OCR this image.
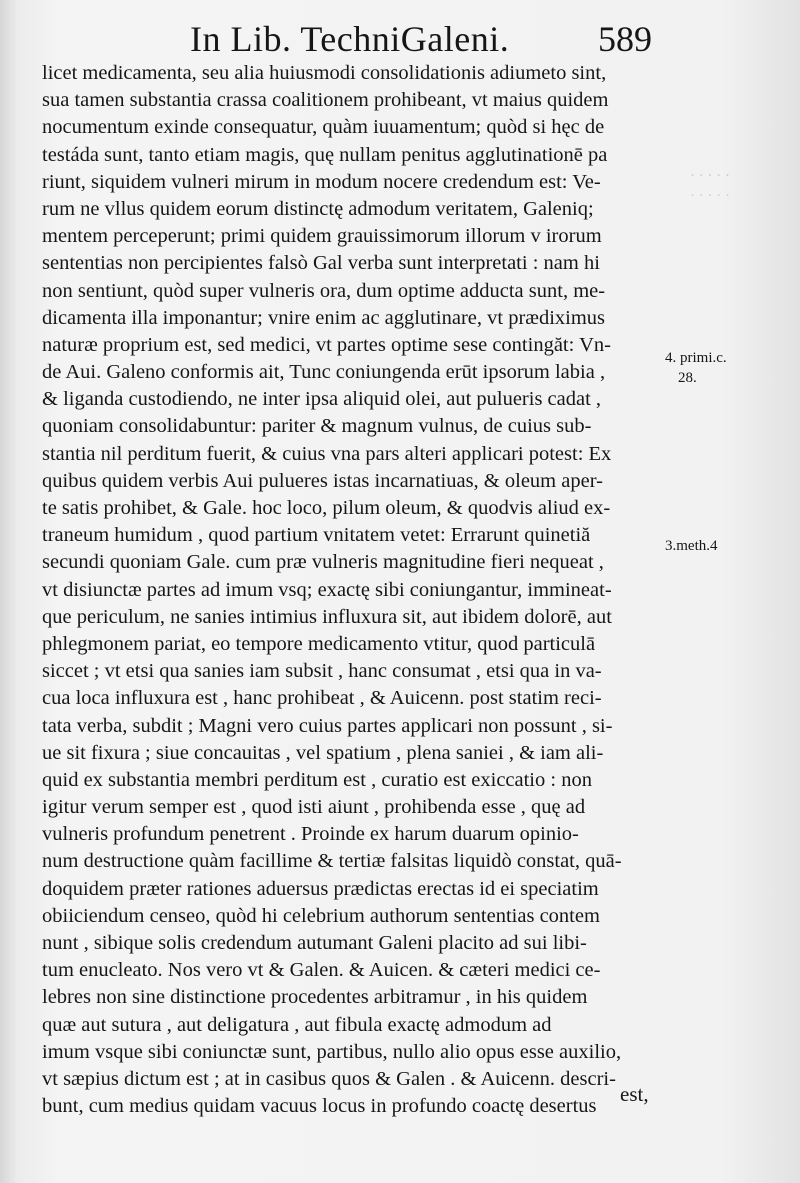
In Lib. TechniGaleni. 589
· · · · ·
· · · · ·
licet medicamenta, seu alia huiusmodi consolidationis adiumeto sint,
sua tamen substantia crassa coalitionem prohibeant, vt maius quidem
nocumentum exinde consequatur, quàm iuuamentum; quòd si hęc de
testáda sunt, tanto etiam magis, quę nullam penitus agglutinationē pa
riunt, siquidem vulneri mirum in modum nocere credendum est: Ve-
rum ne vllus quidem eorum distinctę admodum veritatem, Galeniq;
mentem perceperunt; primi quidem grauissimorum illorum v irorum
sententias non percipientes falsò Gal verba sunt interpretati : nam hi
non sentiunt, quòd super vulneris ora, dum optime adducta sunt, me-
dicamenta illa imponantur; vnire enim ac agglutinare, vt prædiximus
naturæ proprium est, sed medici, vt partes optime sese contingăt: Vn-
de Aui. Galeno conformis ait, Tunc coniungenda erūt ipsorum labia ,
& liganda custodiendo, ne inter ipsa aliquid olei, aut pulueris cadat ,
quoniam consolidabuntur: pariter & magnum vulnus, de cuius sub-
stantia nil perditum fuerit, & cuius vna pars alteri applicari potest: Ex
quibus quidem verbis Aui pulueres istas incarnatiuas, & oleum aper-
te satis prohibet, & Gale. hoc loco, pilum oleum, & quodvis aliud ex-
traneum humidum , quod partium vnitatem vetet: Errarunt quinetiă
secundi quoniam Gale. cum præ vulneris magnitudine fieri nequeat ,
vt disiunctæ partes ad imum vsq; exactę sibi coniungantur, immineat-
que periculum, ne sanies intimius influxura sit, aut ibidem dolorē, aut
phlegmonem pariat, eo tempore medicamento vtitur, quod particulā
siccet ; vt etsi qua sanies iam subsit , hanc consumat , etsi qua in va-
cua loca influxura est , hanc prohibeat , & Auicenn. post statim reci-
tata verba, subdit ; Magni vero cuius partes applicari non possunt , si-
ue sit fixura ; siue concauitas , vel spatium , plena saniei , & iam ali-
quid ex substantia membri perditum est , curatio est exiccatio : non
igitur verum semper est , quod isti aiunt , prohibenda esse , quę ad
vulneris profundum penetrent . Proinde ex harum duarum opinio-
num destructione quàm facillime & tertiæ falsitas liquidò constat, quā-
doquidem præter rationes aduersus prædictas erectas id ei speciatim
obiiciendum censeo, quòd hi celebrium authorum sententias contem
nunt , sibique solis credendum autumant Galeni placito ad sui libi-
tum enucleato. Nos vero vt & Galen. & Auicen. & cæteri medici ce-
lebres non sine distinctione procedentes arbitramur , in his quidem
quæ aut sutura , aut deligatura , aut fibula exactę admodum ad
imum vsque sibi coniunctæ sunt, partibus, nullo alio opus esse auxilio,
vt sæpius dictum est ; at in casibus quos & Galen . & Auicenn. descri-
bunt, cum medius quidam vacuus locus in profundo coactę desertus
4. primi.c.
28.
3.meth.4
est,
